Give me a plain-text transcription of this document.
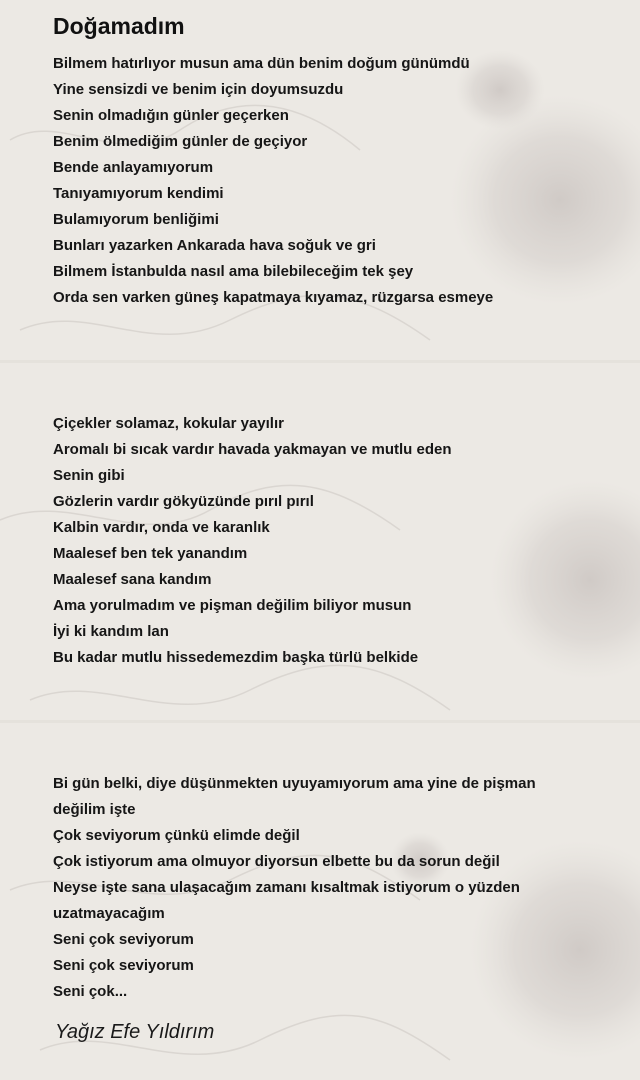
Doğamadım
Bilmem hatırlıyor musun ama dün benim doğum günümdü
Yine sensizdi ve benim için doyumsuzdu
Senin olmadığın günler geçerken
Benim ölmediğim günler de geçiyor
Bende anlayamıyorum
Tanıyamıyorum kendimi
Bulamıyorum benliğimi
Bunları yazarken Ankarada hava soğuk ve gri
Bilmem İstanbulda nasıl ama bilebileceğim tek şey
Orda sen varken güneş kapatmaya kıyamaz, rüzgarsa esmeye
Çiçekler solamaz, kokular yayılır
Aromalı bi sıcak vardır havada yakmayan ve mutlu eden
Senin gibi
Gözlerin vardır gökyüzünde pırıl pırıl
Kalbin vardır, onda ve karanlık
Maalesef ben tek yanandım
Maalesef sana kandım
Ama yorulmadım ve pişman değilim biliyor musun
İyi ki kandım lan
Bu kadar mutlu hissedemezdim başka türlü belkide
Bi gün belki, diye düşünmekten uyuyamıyorum ama yine de pişman
değilim işte
Çok seviyorum çünkü elimde değil
Çok istiyorum ama olmuyor diyorsun elbette bu da sorun değil
Neyse işte sana ulaşacağım zamanı kısaltmak istiyorum o yüzden
uzatmayacağım
Seni çok seviyorum
Seni çok seviyorum
Seni çok...
Yağız Efe Yıldırım
